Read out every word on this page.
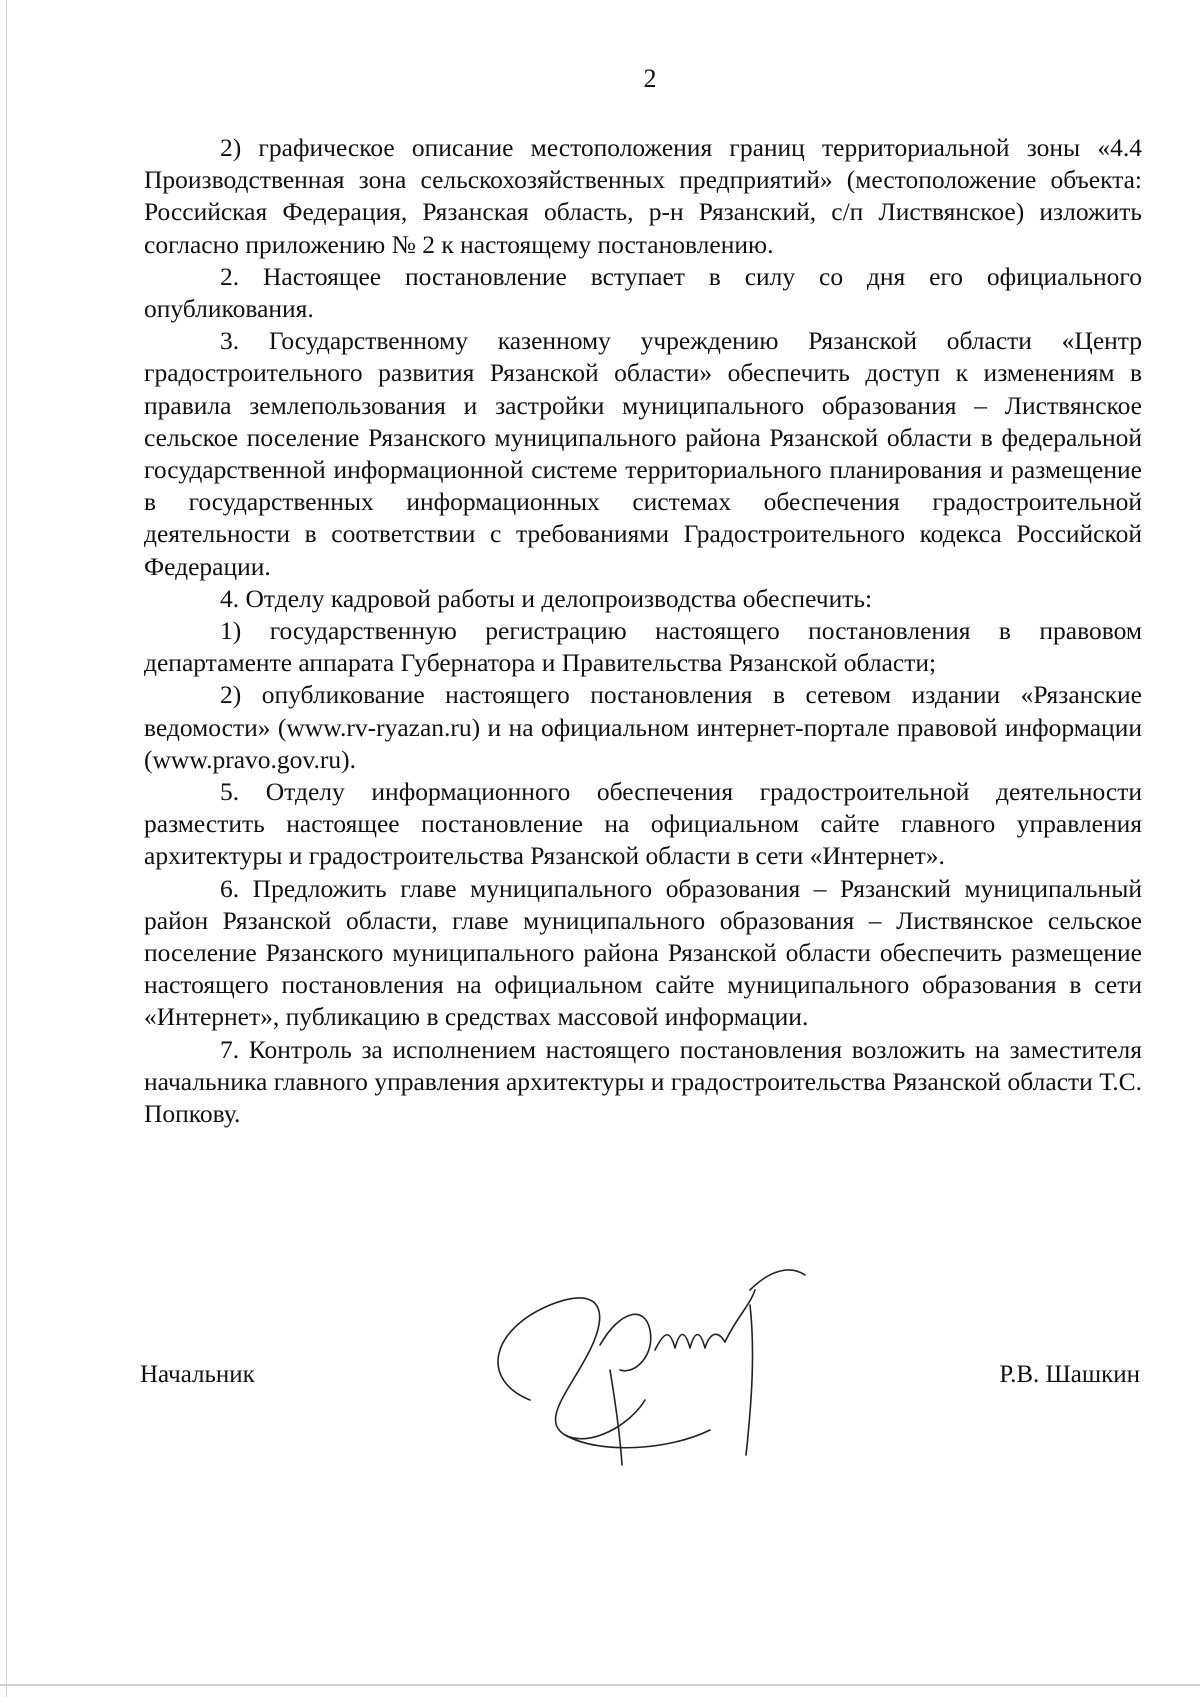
2

2) графическое описание местоположения границ территориальной зоны «4.4 Производственная зона сельскохозяйственных предприятий» (местоположение объекта: Российская Федерация, Рязанская область, р-н Рязанский, с/п Листвянское) изложить согласно приложению № 2 к настоящему постановлению.

2. Настоящее постановление вступает в силу со дня его официального опубликования.

3. Государственному казенному учреждению Рязанской области «Центр градостроительного развития Рязанской области» обеспечить доступ к изменениям в правила землепользования и застройки муниципального образования – Листвянское сельское поселение Рязанского муниципального района Рязанской области в федеральной государственной информационной системе территориального планирования и размещение в государственных информационных системах обеспечения градостроительной деятельности в соответствии с требованиями Градостроительного кодекса Российской Федерации.

4. Отделу кадровой работы и делопроизводства обеспечить:

1) государственную регистрацию настоящего постановления в правовом департаменте аппарата Губернатора и Правительства Рязанской области;

2) опубликование настоящего постановления в сетевом издании «Рязанские ведомости» (www.rv-ryazan.ru) и на официальном интернет-портале правовой информации (www.pravo.gov.ru).

5. Отделу информационного обеспечения градостроительной деятельности разместить настоящее постановление на официальном сайте главного управления архитектуры и градостроительства Рязанской области в сети «Интернет».

6. Предложить главе муниципального образования – Рязанский муниципальный район Рязанской области, главе муниципального образования – Листвянское сельское поселение Рязанского муниципального района Рязанской области обеспечить размещение настоящего постановления на официальном сайте муниципального образования в сети «Интернет», публикацию в средствах массовой информации.

7. Контроль за исполнением настоящего постановления возложить на заместителя начальника главного управления архитектуры и градостроительства Рязанской области Т.С. Попкову.

Начальник	Р.В. Шашкин
